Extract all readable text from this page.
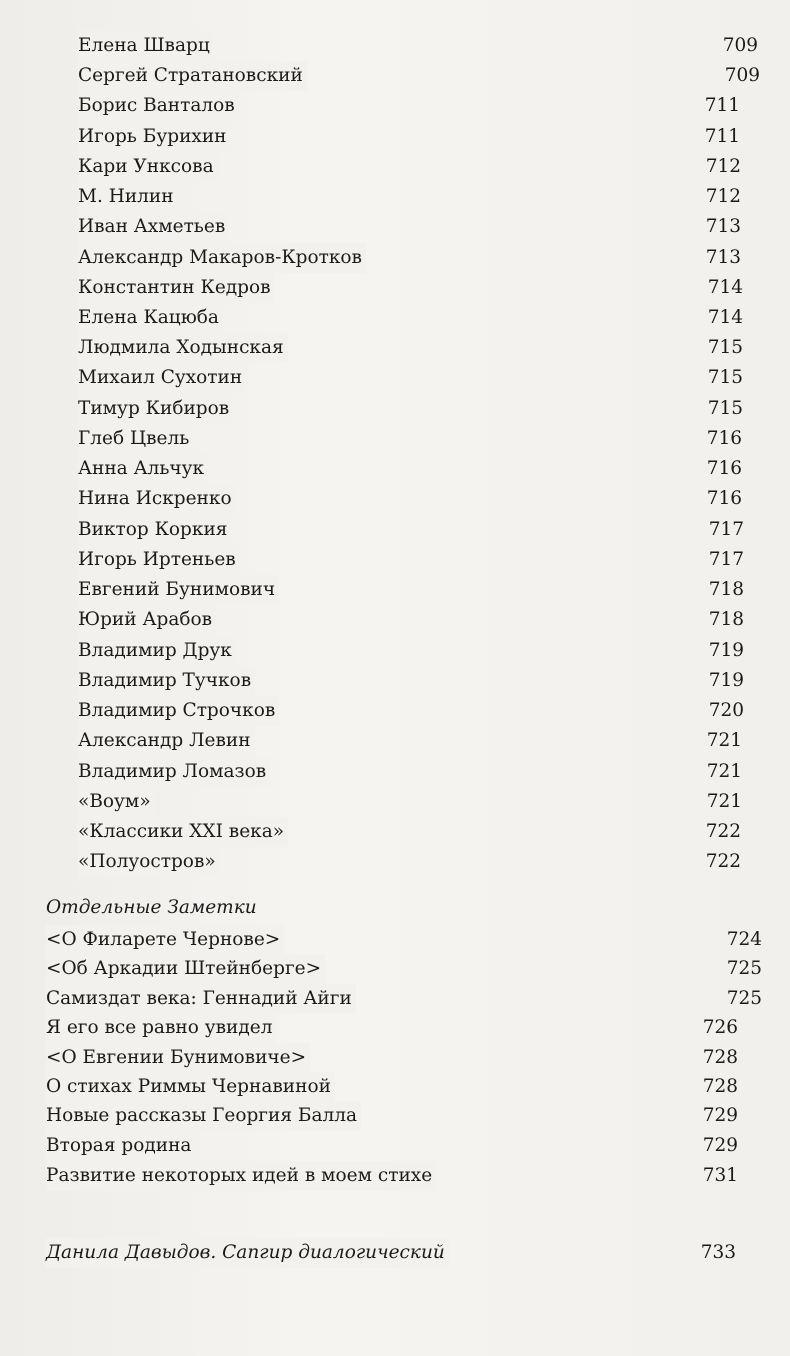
Отдельные Заметки
Елена Шварц	709
Сергей Стратановский	709
Борис Ванталов	711
Игорь Бурихин	711
Кари Унксова	712
М. Нилин	712
Иван Ахметьев	713
Александр Макаров-Кротков	713
Константин Кедров	714
Елена Кацюба	714
Людмила Ходынская	715
Михаил Сухотин	715
Тимур Кибиров	715
Глеб Цвель	716
Анна Альчук	716
Нина Искренко	716
Виктор Коркия	717
Игорь Иртеньев	717
Евгений Бунимович	718
Юрий Арабов	718
Владимир Друк	719
Владимир Тучков	719
Владимир Строчков	720
Александр Левин	721
Владимир Ломазов	721
«Воум»	721
«Классики XXI века»	722
«Полуостров»	722
<О Филарете Чернове>	724
<Об Аркадии Штейнберге>	725
Самиздат века: Геннадий Айги	725
Я его все равно увидел	726
<О Евгении Бунимовиче>	728
О стихах Риммы Чернавиной	728
Новые рассказы Георгия Балла	729
Вторая родина	729
Развитие некоторых идей в моем стихе	731
Данила Давыдов. Сапгир диалогический	733
